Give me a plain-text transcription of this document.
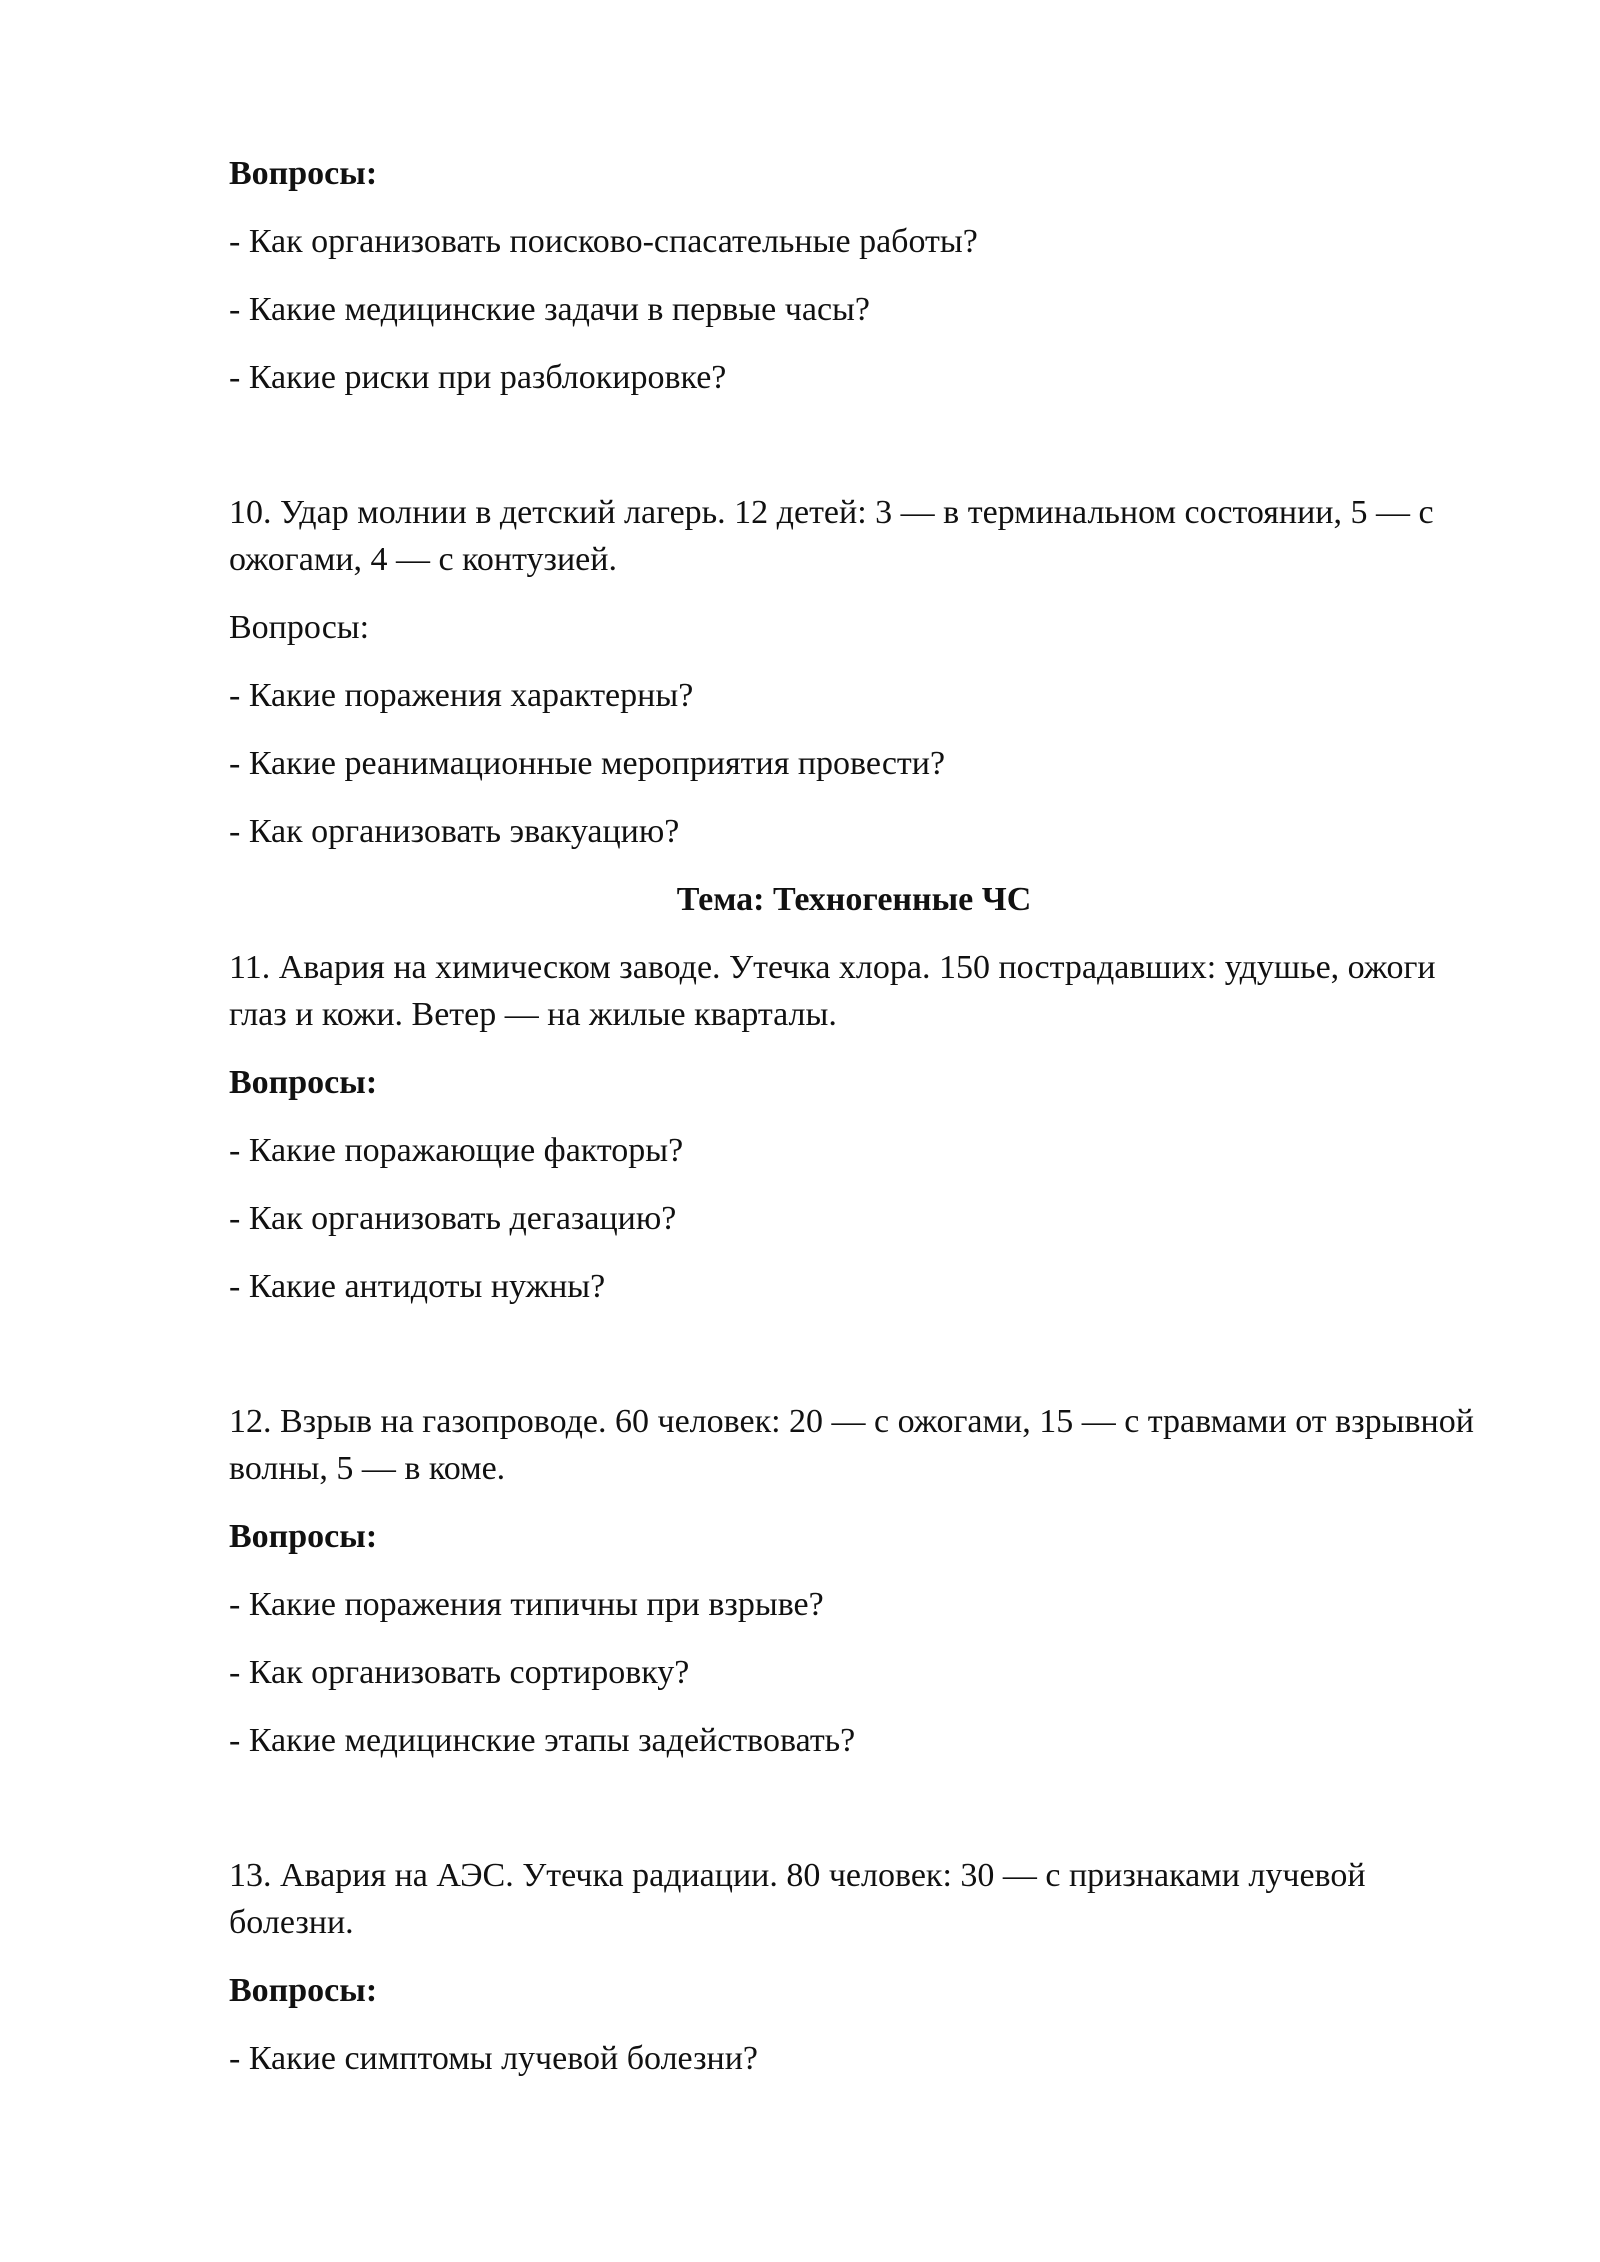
Вопросы:

- Как организовать поисково-спасательные работы?

- Какие медицинские задачи в первые часы?

- Какие риски при разблокировке?

10. Удар молнии в детский лагерь. 12 детей: 3 — в терминальном состоянии, 5 — с ожогами, 4 — с контузией.

Вопросы:

- Какие поражения характерны?

- Какие реанимационные мероприятия провести?

- Как организовать эвакуацию?

Тема: Техногенные ЧС

11. Авария на химическом заводе. Утечка хлора. 150 пострадавших: удушье, ожоги глаз и кожи. Ветер — на жилые кварталы.

Вопросы:

- Какие поражающие факторы?

- Как организовать дегазацию?

- Какие антидоты нужны?

12. Взрыв на газопроводе. 60 человек: 20 — с ожогами, 15 — с травмами от взрывной волны, 5 — в коме.

Вопросы:

- Какие поражения типичны при взрыве?

- Как организовать сортировку?

- Какие медицинские этапы задействовать?

13. Авария на АЭС. Утечка радиации. 80 человек: 30 — с признаками лучевой болезни.

Вопросы:

- Какие симптомы лучевой болезни?
